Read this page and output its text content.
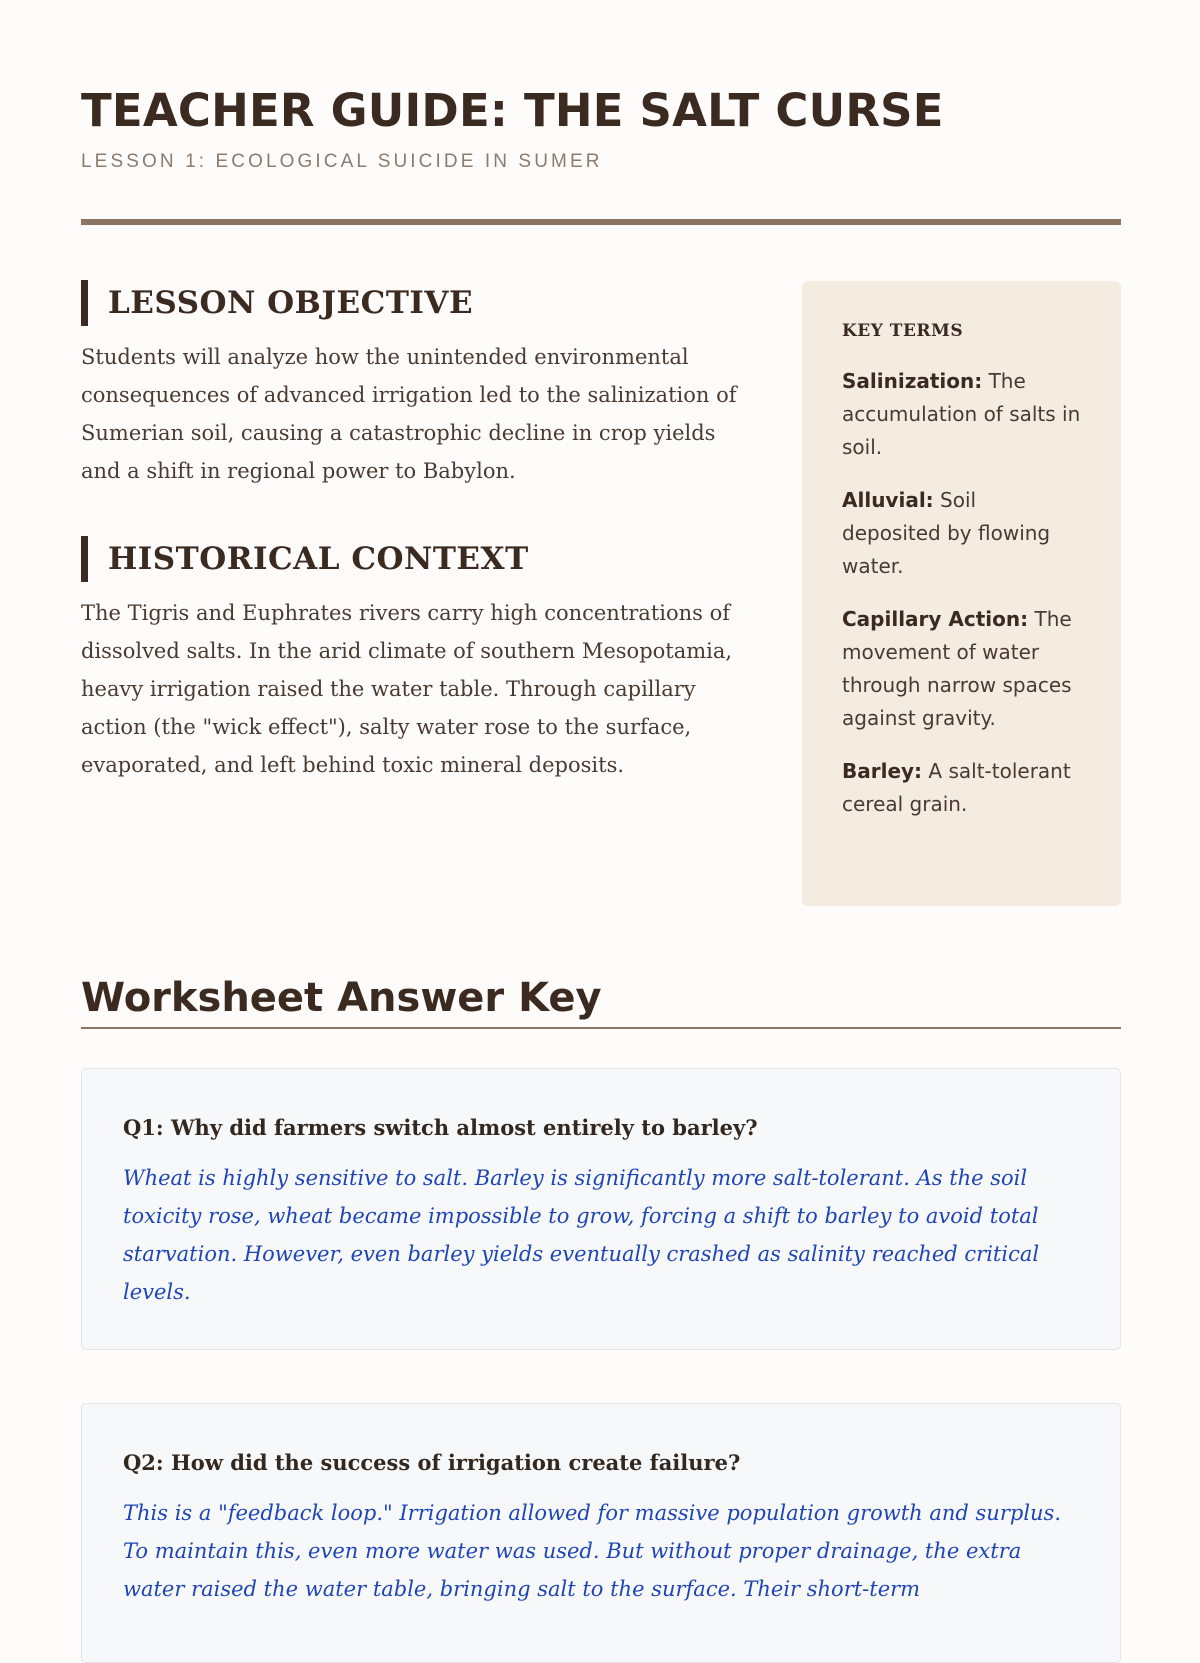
TEACHER GUIDE: THE SALT CURSE
LESSON 1: ECOLOGICAL SUICIDE IN SUMER
LESSON OBJECTIVE

Students will analyze how the unintended environmental consequences of advanced irrigation led to the salinization of Sumerian soil, causing a catastrophic decline in crop yields and a shift in regional power to Babylon.

HISTORICAL CONTEXT

The Tigris and Euphrates rivers carry high concentrations of dissolved salts. In the arid climate of southern Mesopotamia, heavy irrigation raised the water table. Through capillary action (the "wick effect"), salty water rose to the surface, evaporated, and left behind toxic mineral deposits.

KEY TERMS
Salinization: The accumulation of salts in soil.
Alluvial: Soil deposited by flowing water.
Capillary Action: The movement of water through narrow spaces against gravity.
Barley: A salt-tolerant cereal grain.
Worksheet Answer Key

Q1: Why did farmers switch almost entirely to barley?

Wheat is highly sensitive to salt. Barley is significantly more salt-tolerant. As the soil toxicity rose, wheat became impossible to grow, forcing a shift to barley to avoid total starvation. However, even barley yields eventually crashed as salinity reached critical levels.

Q2: How did the success of irrigation create failure?

This is a "feedback loop." Irrigation allowed for massive population growth and surplus. To maintain this, even more water was used. But without proper drainage, the extra water raised the water table, bringing salt to the surface. Their short-term
